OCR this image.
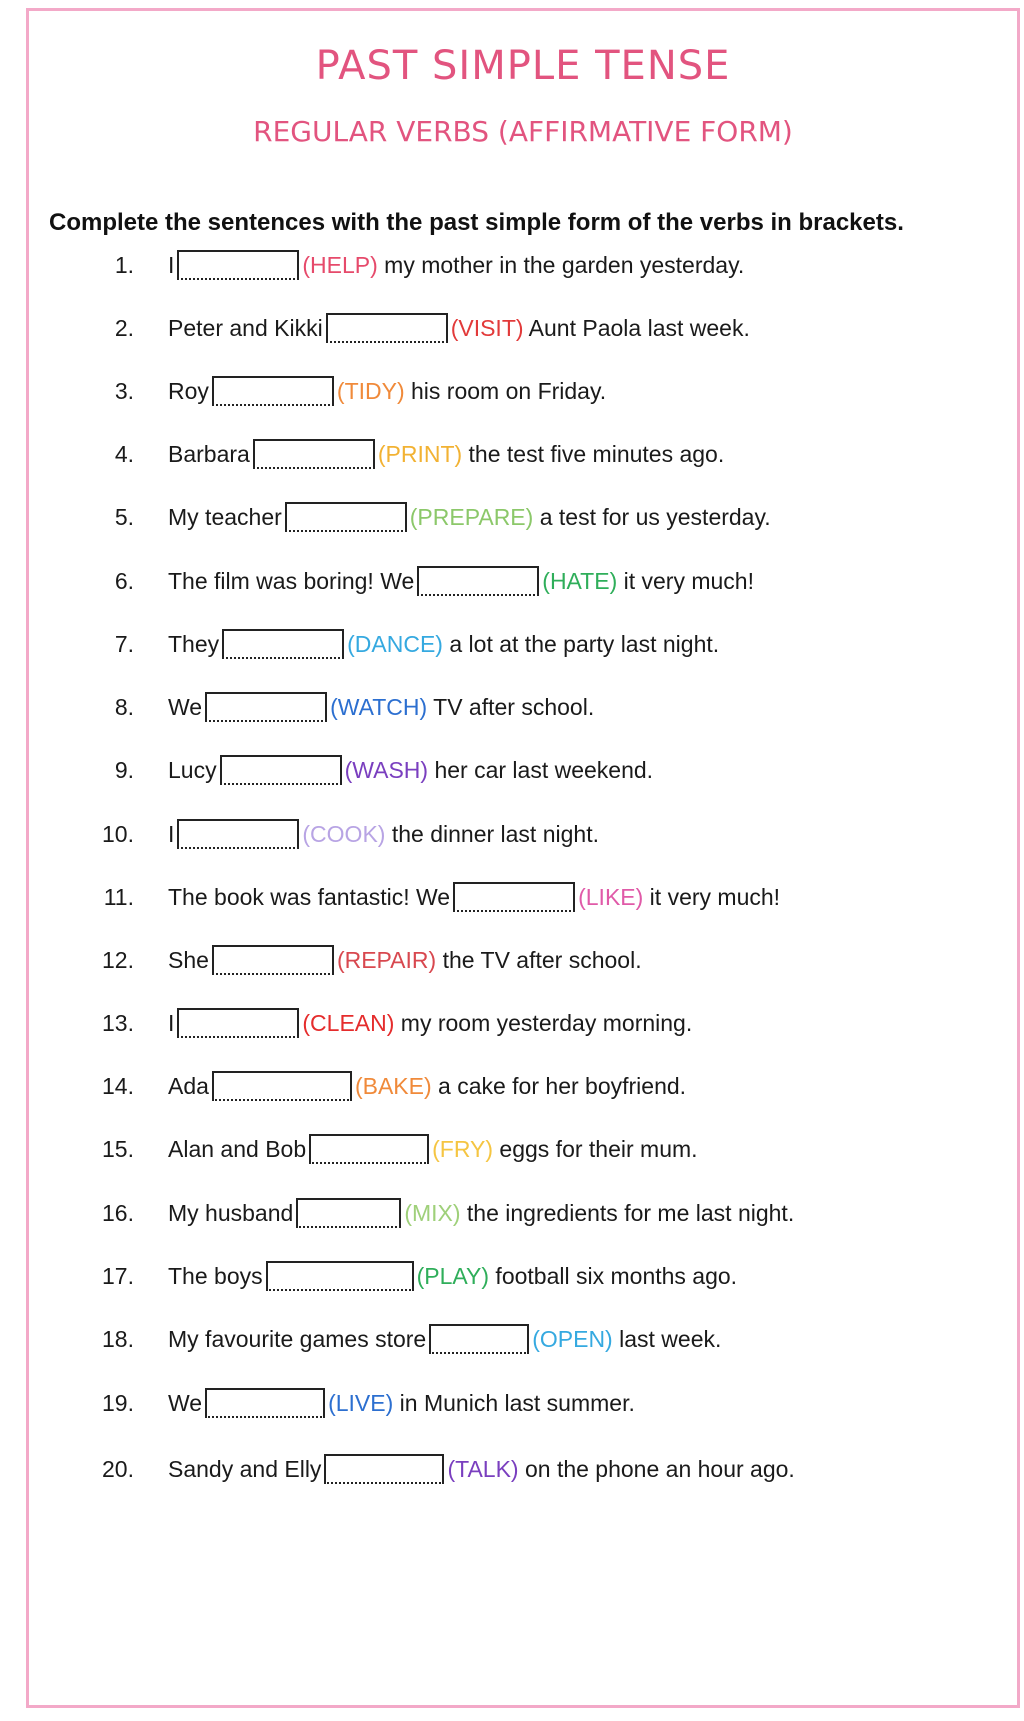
PAST SIMPLE TENSE
REGULAR VERBS (AFFIRMATIVE FORM)
Complete the sentences with the past simple form of the verbs in brackets.
1. I	(HELP) my mother in the garden yesterday.
2. Peter and Kikki	(VISIT) Aunt Paola last week.
3. Roy	(TIDY) his room on Friday.
4. Barbara	(PRINT) the test five minutes ago.
5. My teacher	(PREPARE) a test for us yesterday.
6. The film was boring! We	(HATE) it very much!
7. They	(DANCE) a lot at the party last night.
8. We	(WATCH) TV after school.
9. Lucy	(WASH) her car last weekend.
10. I	(COOK) the dinner last night.
11. The book was fantastic! We	(LIKE) it very much!
12. She	(REPAIR) the TV after school.
13. I	(CLEAN) my room yesterday morning.
14. Ada	(BAKE) a cake for her boyfriend.
15. Alan and Bob	(FRY) eggs for their mum.
16. My husband	(MIX) the ingredients for me last night.
17. The boys	(PLAY) football six months ago.
18. My favourite games store	(OPEN) last week.
19. We	(LIVE) in Munich last summer.
20. Sandy and Elly	(TALK) on the phone an hour ago.
